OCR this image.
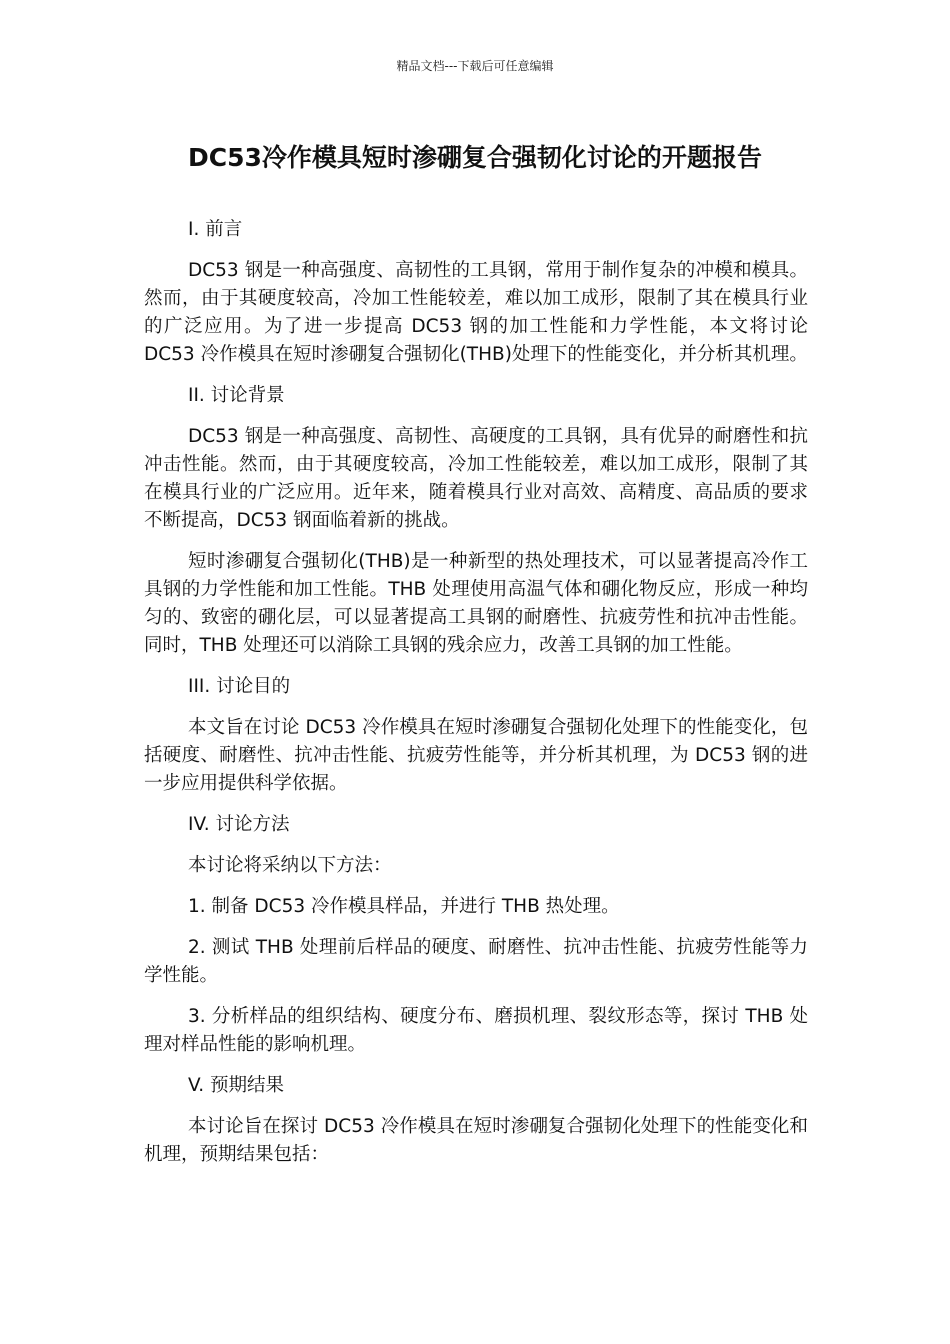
精品文档---下载后可任意编辑
DC53冷作模具短时渗硼复合强韧化讨论的开题报告
I. 前言
DC53 钢是一种高强度、高韧性的工具钢，常用于制作复杂的冲模和模具。然而，由于其硬度较高，冷加工性能较差，难以加工成形，限制了其在模具行业的广泛应用。为了进一步提高 DC53 钢的加工性能和力学性能，本文将讨论 DC53 冷作模具在短时渗硼复合强韧化(THB)处理下的性能变化，并分析其机理。
II. 讨论背景
DC53 钢是一种高强度、高韧性、高硬度的工具钢，具有优异的耐磨性和抗冲击性能。然而，由于其硬度较高，冷加工性能较差，难以加工成形，限制了其在模具行业的广泛应用。近年来，随着模具行业对高效、高精度、高品质的要求不断提高，DC53 钢面临着新的挑战。
短时渗硼复合强韧化(THB)是一种新型的热处理技术，可以显著提高冷作工具钢的力学性能和加工性能。THB 处理使用高温气体和硼化物反应，形成一种均匀的、致密的硼化层，可以显著提高工具钢的耐磨性、抗疲劳性和抗冲击性能。同时，THB 处理还可以消除工具钢的残余应力，改善工具钢的加工性能。
III. 讨论目的
本文旨在讨论 DC53 冷作模具在短时渗硼复合强韧化处理下的性能变化，包括硬度、耐磨性、抗冲击性能、抗疲劳性能等，并分析其机理，为 DC53 钢的进一步应用提供科学依据。
IV. 讨论方法
本讨论将采纳以下方法：
1. 制备 DC53 冷作模具样品，并进行 THB 热处理。
2. 测试 THB 处理前后样品的硬度、耐磨性、抗冲击性能、抗疲劳性能等力学性能。
3. 分析样品的组织结构、硬度分布、磨损机理、裂纹形态等，探讨 THB 处理对样品性能的影响机理。
V. 预期结果
本讨论旨在探讨 DC53 冷作模具在短时渗硼复合强韧化处理下的性能变化和机理，预期结果包括：
